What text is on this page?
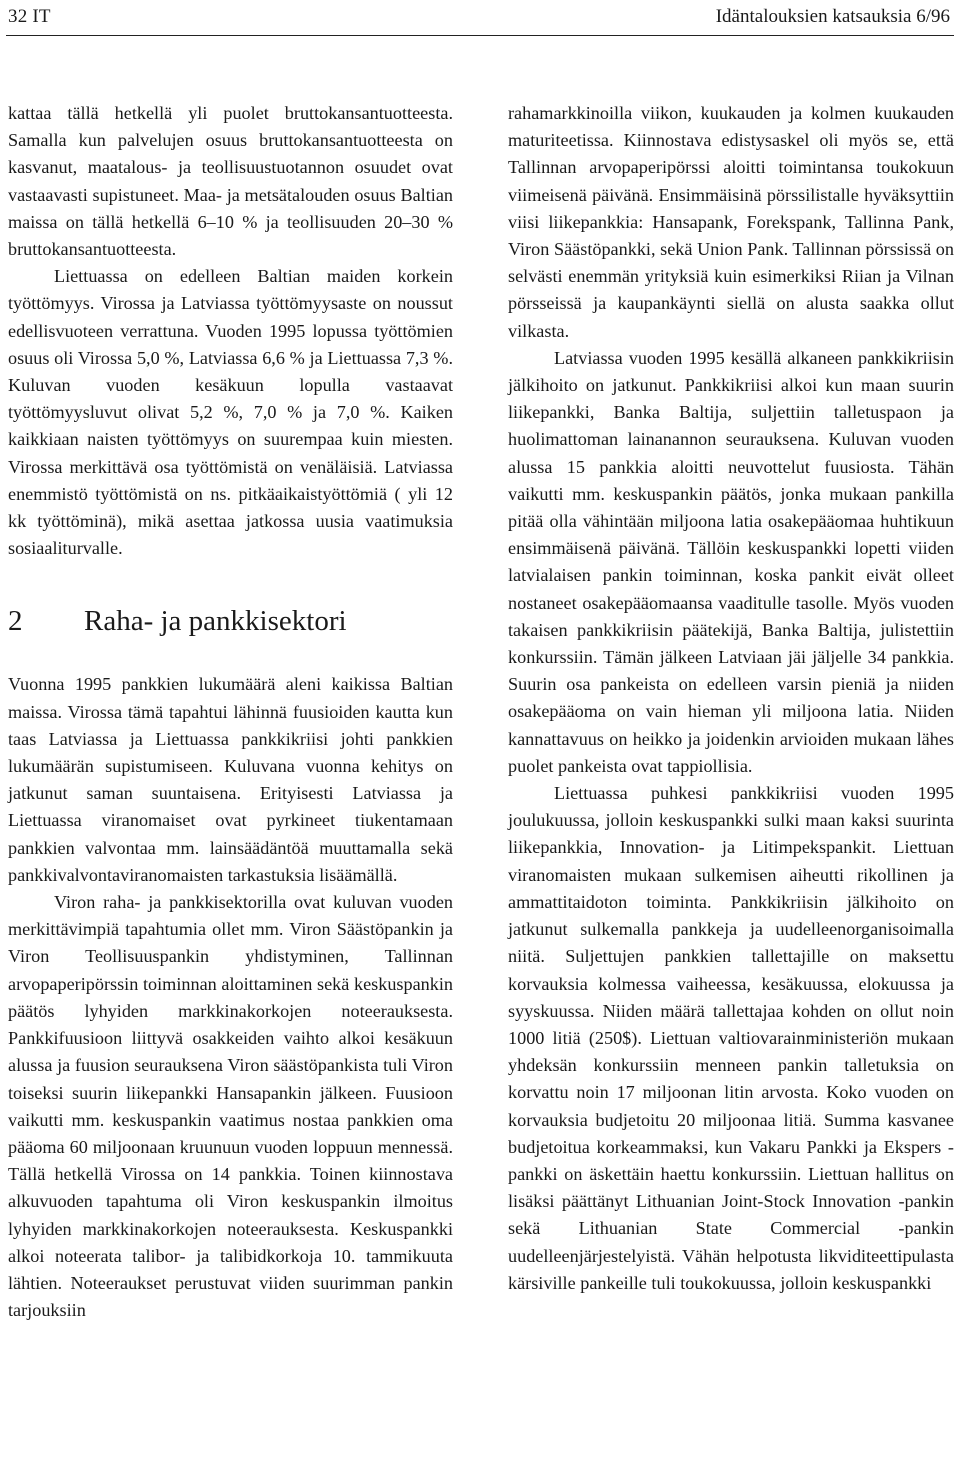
32 IT	Idäntalouksien katsauksia 6/96

kattaa tällä hetkellä yli puolet bruttokansantuotteesta. Samalla kun palvelujen osuus bruttokansantuotteesta on kasvanut, maatalous- ja teollisuustuotannon osuudet ovat vastaavasti supistuneet. Maa- ja metsätalouden osuus Baltian maissa on tällä hetkellä 6–10 % ja teollisuuden 20–30 % bruttokansantuotteesta.

Liettuassa on edelleen Baltian maiden korkein työttömyys. Virossa ja Latviassa työttömyysaste on noussut edellisvuoteen verrattuna. Vuoden 1995 lopussa työttömien osuus oli Virossa 5,0 %, Latviassa 6,6 % ja Liettuassa 7,3 %. Kuluvan vuoden kesäkuun lopulla vastaavat työttömyysluvut olivat 5,2 %, 7,0 % ja 7,0 %. Kaiken kaikkiaan naisten työttömyys on suurempaa kuin miesten. Virossa merkittävä osa työttömistä on venäläisiä. Latviassa enemmistö työttömistä on ns. pitkäaikaistyöttömiä ( yli 12 kk työttöminä), mikä asettaa jatkossa uusia vaatimuksia sosiaaliturvalle.

2	Raha- ja pankkisektori

Vuonna 1995 pankkien lukumäärä aleni kaikissa Baltian maissa. Virossa tämä tapahtui lähinnä fuusioiden kautta kun taas Latviassa ja Liettuassa pankkikriisi johti pankkien lukumäärän supistumiseen. Kuluvana vuonna kehitys on jatkunut saman suuntaisena. Erityisesti Latviassa ja Liettuassa viranomaiset ovat pyrkineet tiukentamaan pankkien valvontaa mm. lainsäädäntöä muuttamalla sekä pankkivalvontaviranomaisten tarkastuksia lisäämällä.

Viron raha- ja pankkisektorilla ovat kuluvan vuoden merkittävimpiä tapahtumia ollet mm. Viron Säästöpankin ja Viron Teollisuuspankin yhdistyminen, Tallinnan arvopaperipörssin toiminnan aloittaminen sekä keskuspankin päätös lyhyiden markkinakorkojen noteerauksesta. Pankkifuusioon liittyvä osakkeiden vaihto alkoi kesäkuun alussa ja fuusion seurauksena Viron säästöpankista tuli Viron toiseksi suurin liikepankki Hansapankin jälkeen. Fuusioon vaikutti mm. keskuspankin vaatimus nostaa pankkien oma pääoma 60 miljoonaan kruunuun vuoden loppuun mennessä. Tällä hetkellä Virossa on 14 pankkia. Toinen kiinnostava alkuvuoden tapahtuma oli Viron keskuspankin ilmoitus lyhyiden markkinakorkojen noteerauksesta. Keskuspankki alkoi noteerata talibor- ja talibidkorkoja 10. tammikuuta lähtien. Noteeraukset perustuvat viiden suurimman pankin tarjouksiin

rahamarkkinoilla viikon, kuukauden ja kolmen kuukauden maturiteetissa. Kiinnostava edistysaskel oli myös se, että Tallinnan arvopaperipörssi aloitti toimintansa toukokuun viimeisenä päivänä. Ensimmäisinä pörssilistalle hyväksyttiin viisi liikepankkia: Hansapank, Forekspank, Tallinna Pank, Viron Säästöpankki, sekä Union Pank. Tallinnan pörssissä on selvästi enemmän yrityksiä kuin esimerkiksi Riian ja Vilnan pörsseissä ja kaupankäynti siellä on alusta saakka ollut vilkasta.

Latviassa vuoden 1995 kesällä alkaneen pankkikriisin jälkihoito on jatkunut. Pankkikriisi alkoi kun maan suurin liikepankki, Banka Baltija, suljettiin talletuspaon ja huolimattoman lainanannon seurauksena. Kuluvan vuoden alussa 15 pankkia aloitti neuvottelut fuusiosta. Tähän vaikutti mm. keskuspankin päätös, jonka mukaan pankilla pitää olla vähintään miljoona latia osakepääomaa huhtikuun ensimmäisenä päivänä. Tällöin keskuspankki lopetti viiden latvialaisen pankin toiminnan, koska pankit eivät olleet nostaneet osakepääomaansa vaaditulle tasolle. Myös vuoden takaisen pankkikriisin päätekijä, Banka Baltija, julistettiin konkurssiin. Tämän jälkeen Latviaan jäi jäljelle 34 pankkia. Suurin osa pankeista on edelleen varsin pieniä ja niiden osakepääoma on vain hieman yli miljoona latia. Niiden kannattavuus on heikko ja joidenkin arvioiden mukaan lähes puolet pankeista ovat tappiollisia.

Liettuassa puhkesi pankkikriisi vuoden 1995 joulukuussa, jolloin keskuspankki sulki maan kaksi suurinta liikepankkia, Innovation- ja Litimpekspankit. Liettuan viranomaisten mukaan sulkemisen aiheutti rikollinen ja ammattitaidoton toiminta. Pankkikriisin jälkihoito on jatkunut sulkemalla pankkeja ja uudelleenorganisoimalla niitä. Suljettujen pankkien tallettajille on maksettu korvauksia kolmessa vaiheessa, kesäkuussa, elokuussa ja syyskuussa. Niiden määrä tallettajaa kohden on ollut noin 1000 litiä (250$). Liettuan valtiovarainministeriön mukaan yhdeksän konkurssiin menneen pankin talletuksia on korvattu noin 17 miljoonan litin arvosta. Koko vuoden on korvauksia budjetoitu 20 miljoonaa litiä. Summa kasvanee budjetoitua korkeammaksi, kun Vakaru Pankki ja Ekspers -pankki on äskettäin haettu konkurssiin. Liettuan hallitus on lisäksi päättänyt Lithuanian Joint-Stock Innovation -pankin sekä Lithuanian State Commercial -pankin uudelleenjärjestelyistä. Vähän helpotusta likviditeettipulasta kärsiville pankeille tuli toukokuussa, jolloin keskuspankki
